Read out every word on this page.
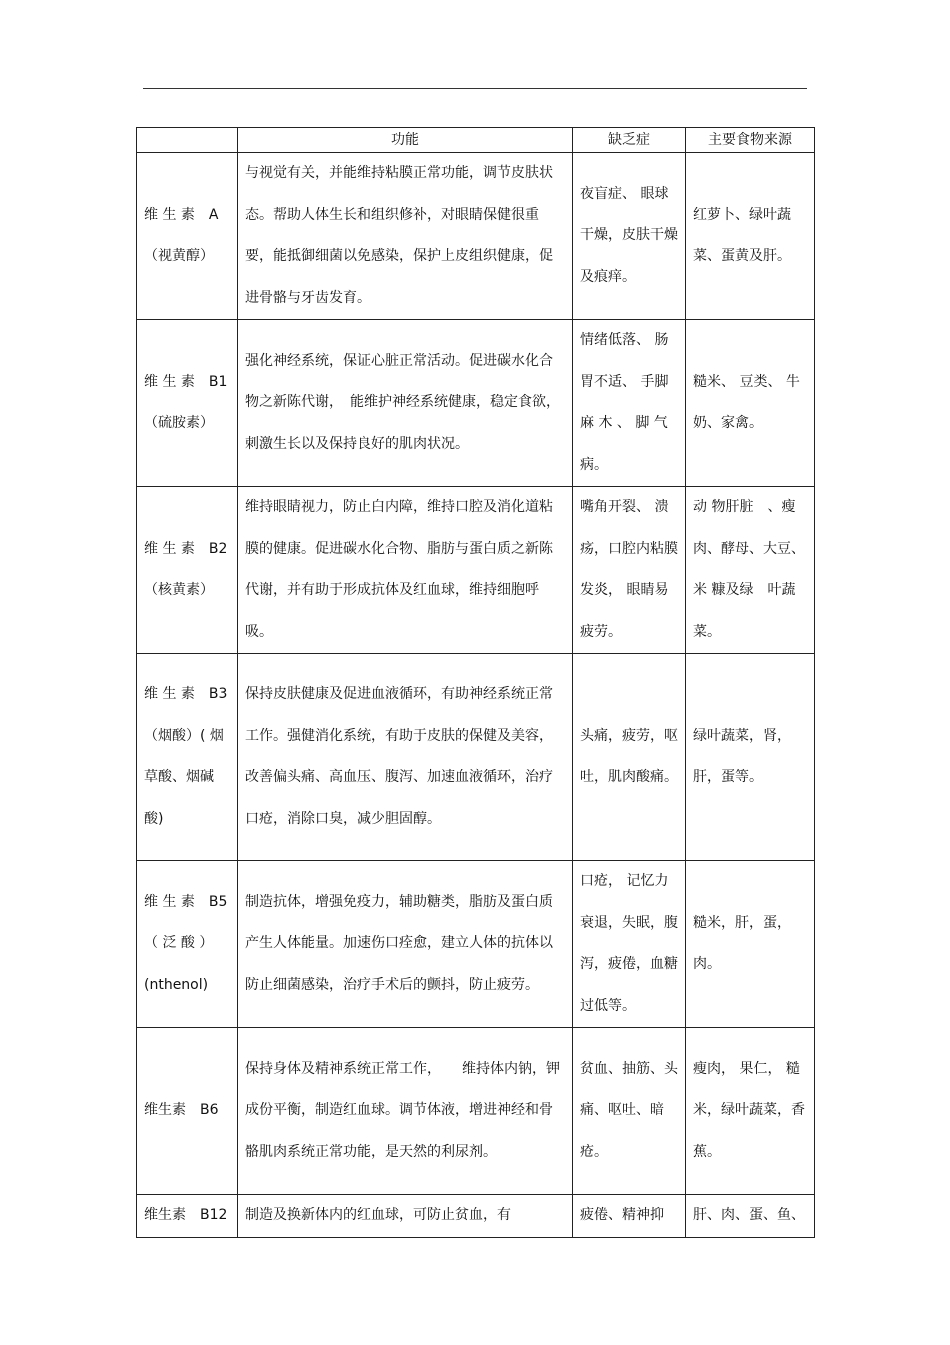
	功能	缺乏症	主要食物来源
维 生 素　A （视黄醇）	与视觉有关，并能维持粘膜正常功能，调节皮肤状态。帮助人体生长和组织修补，对眼睛保健很重要，能抵御细菌以免感染，保护上皮组织健康，促进骨骼与牙齿发育。	夜盲症、 眼球干燥，皮肤干燥及痕痒。	红萝卜、绿叶蔬菜、蛋黄及肝。
维 生 素　B1 （硫胺素）	强化神经系统，保证心脏正常活动。促进碳水化合物之新陈代谢，　能维护神经系统健康，稳定食欲，刺激生长以及保持良好的肌肉状况。	情绪低落、 肠胃不适、 手脚麻 木 、 脚 气病。	糙米、 豆类、 牛奶、家禽。
维 生 素　B2 （核黄素）	维持眼睛视力，防止白内障，维持口腔及消化道粘膜的健康。促进碳水化合物、脂肪与蛋白质之新陈代谢，并有助于形成抗体及红血球，维持细胞呼吸。	嘴角开裂、 溃疡，口腔内粘膜发炎， 眼睛易疲劳。	动 物肝脏　、瘦肉、酵母、大豆、米 糠及绿　叶蔬菜。
维 生 素　B3 （烟酸）( 烟草酸、烟碱酸)	保持皮肤健康及促进血液循环，有助神经系统正常工作。强健消化系统，有助于皮肤的保健及美容，改善偏头痛、高血压、腹泻、加速血液循环，治疗口疮，消除口臭，减少胆固醇。	头痛，疲劳，呕吐，肌肉酸痛。	绿叶蔬菜，肾，肝，蛋等。
维 生 素　B5 （ 泛 酸 ） (nthenol)	制造抗体，增强免疫力，辅助糖类，脂肪及蛋白质产生人体能量。加速伤口痊愈，建立人体的抗体以防止细菌感染，治疗手术后的颤抖，防止疲劳。	口疮， 记忆力衰退，失眠，腹泻，疲倦，血糖过低等。	糙米，肝，蛋，肉。
维生素　B6	保持身体及精神系统正常工作，　　维持体内钠，钾成份平衡，制造红血球。调节体液，增进神经和骨骼肌肉系统正常功能，是天然的利尿剂。	贫血、抽筋、头痛、呕吐、暗疮。	瘦肉， 果仁， 糙米，绿叶蔬菜，香蕉。
维生素　B12	制造及换新体内的红血球，可防止贫血，有	疲倦、精神抑	肝、肉、蛋、鱼、
